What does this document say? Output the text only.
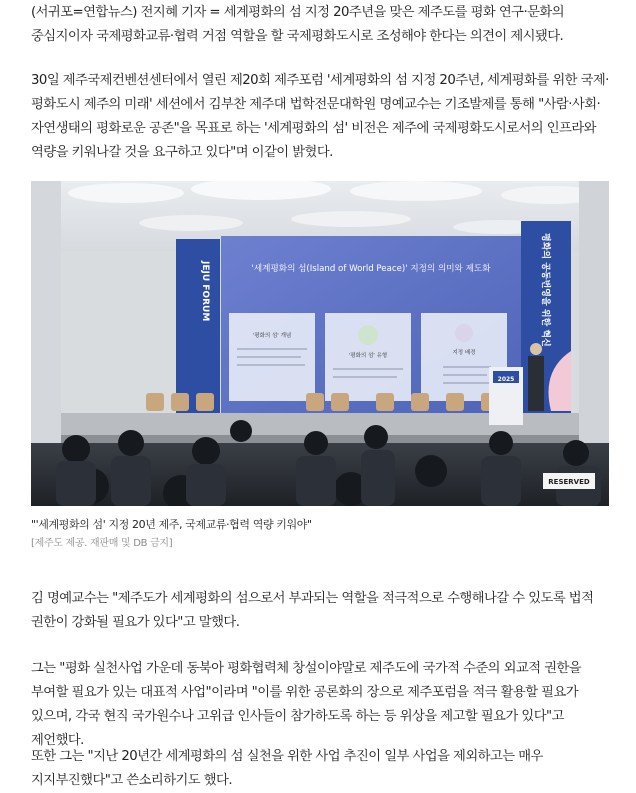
(서귀포=연합뉴스) 전지혜 기자 = 세계평화의 섬 지정 20주년을 맞은 제주도를 평화 연구·문화의 중심지이자 국제평화교류·협력 거점 역할을 할 국제평화도시로 조성해야 한다는 의견이 제시됐다.

30일 제주국제컨벤션센터에서 열린 제20회 제주포럼 '세계평화의 섬 지정 20주년, 세계평화를 위한 국제·평화도시 제주의 미래' 세션에서 김부찬 제주대 법학전문대학원 명예교수는 기조발제를 통해 "사람·사회·자연생태의 평화로운 공존"을 목표로 하는 '세계평화의 섬' 비전은 제주에 국제평화도시로서의 인프라와 역량을 키워나갈 것을 요구하고 있다"며 이같이 밝혔다.

JEJU FORUM	평화의 공동번영을 위한 혁신
'세계평화의 섬(Island of World Peace)' 지정의 의미와 제도화
'평화의 섬' 개념
'평화의 섬' 유형	지정 배경
2025
RESERVED
"'세계평화의 섬' 지정 20년 제주, 국제교류·협력 역량 키워야"
[제주도 제공. 재판매 및 DB 금지]

김 명예교수는 "제주도가 세계평화의 섬으로서 부과되는 역할을 적극적으로 수행해나갈 수 있도록 법적 권한이 강화될 필요가 있다"고 말했다.

그는 "평화 실천사업 가운데 동북아 평화협력체 창설이야말로 제주도에 국가적 수준의 외교적 권한을 부여할 필요가 있는 대표적 사업"이라며 "이를 위한 공론화의 장으로 제주포럼을 적극 활용할 필요가 있으며, 각국 현직 국가원수나 고위급 인사들이 참가하도록 하는 등 위상을 제고할 필요가 있다"고 제언했다.

또한 그는 "지난 20년간 세계평화의 섬 실천을 위한 사업 추진이 일부 사업을 제외하고는 매우 지지부진했다"고 쓴소리하기도 했다.
